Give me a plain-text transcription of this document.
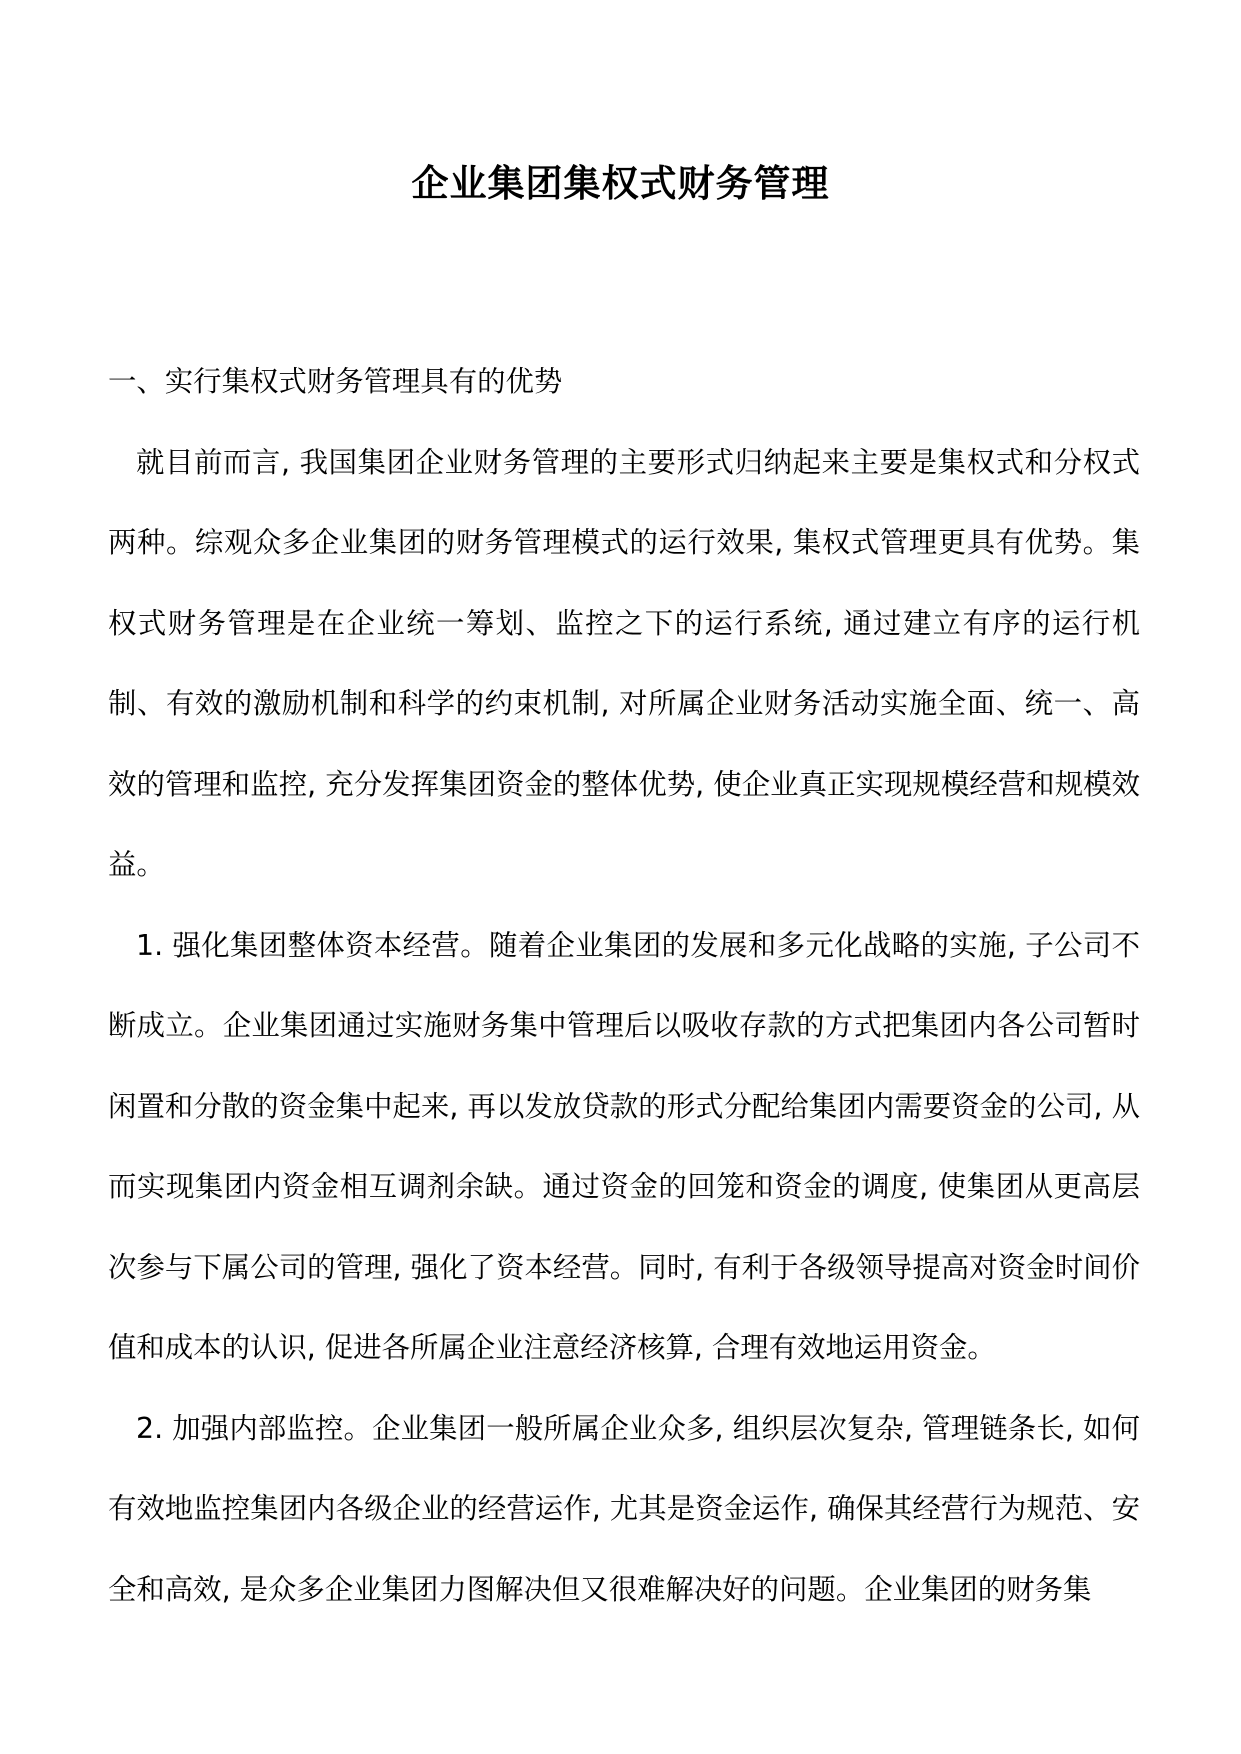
企业集团集权式财务管理
一、实行集权式财务管理具有的优势

就目前而言, 我国集团企业财务管理的主要形式归纳起来主要是集权式和分权式两种。综观众多企业集团的财务管理模式的运行效果, 集权式管理更具有优势。集权式财务管理是在企业统一筹划、监控之下的运行系统, 通过建立有序的运行机制、有效的激励机制和科学的约束机制, 对所属企业财务活动实施全面、统一、高效的管理和监控, 充分发挥集团资金的整体优势, 使企业真正实现规模经营和规模效益。

1. 强化集团整体资本经营。随着企业集团的发展和多元化战略的实施, 子公司不断成立。企业集团通过实施财务集中管理后以吸收存款的方式把集团内各公司暂时闲置和分散的资金集中起来, 再以发放贷款的形式分配给集团内需要资金的公司, 从而实现集团内资金相互调剂余缺。通过资金的回笼和资金的调度, 使集团从更高层次参与下属公司的管理, 强化了资本经营。同时, 有利于各级领导提高对资金时间价值和成本的认识, 促进各所属企业注意经济核算, 合理有效地运用资金。

2. 加强内部监控。企业集团一般所属企业众多, 组织层次复杂, 管理链条长, 如何有效地监控集团内各级企业的经营运作, 尤其是资金运作, 确保其经营行为规范、安全和高效, 是众多企业集团力图解决但又很难解决好的问题。企业集团的财务集
